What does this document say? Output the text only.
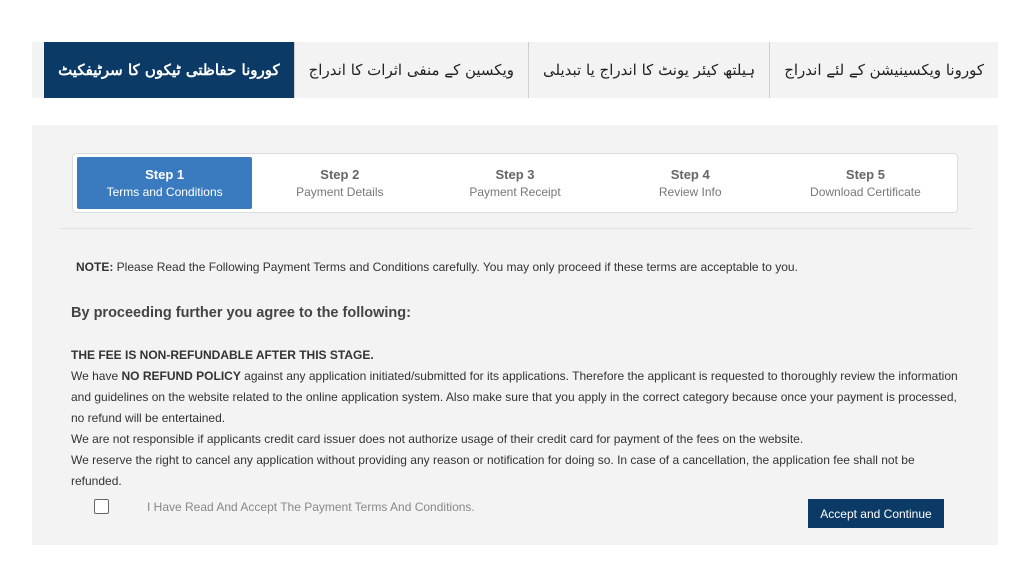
کورونا ویکسینیشن کے لئے اندراج
ہیلتھ کیئر یونٹ کا اندراج یا تبدیلی
ویکسین کے منفی اثرات کا اندراج
کورونا حفاظتی ٹیکوں کا سرٹیفکیٹ
Step 1
Terms and Conditions
Step 2
Payment Details
Step 3
Payment Receipt
Step 4
Review Info
Step 5
Download Certificate
NOTE: Please Read the Following Payment Terms and Conditions carefully. You may only proceed if these terms are acceptable to you.
By proceeding further you agree to the following:

THE FEE IS NON-REFUNDABLE AFTER THIS STAGE.

We have NO REFUND POLICY against any application initiated/submitted for its applications. Therefore the applicant is requested to thoroughly review the information and guidelines on the website related to the online application system. Also make sure that you apply in the correct category because once your payment is processed, no refund will be entertained.

We are not responsible if applicants credit card issuer does not authorize usage of their credit card for payment of the fees on the website.

We reserve the right to cancel any application without providing any reason or notification for doing so. In case of a cancellation, the application fee shall not be refunded.

I Have Read And Accept The Payment Terms And Conditions.	Accept and Continue
